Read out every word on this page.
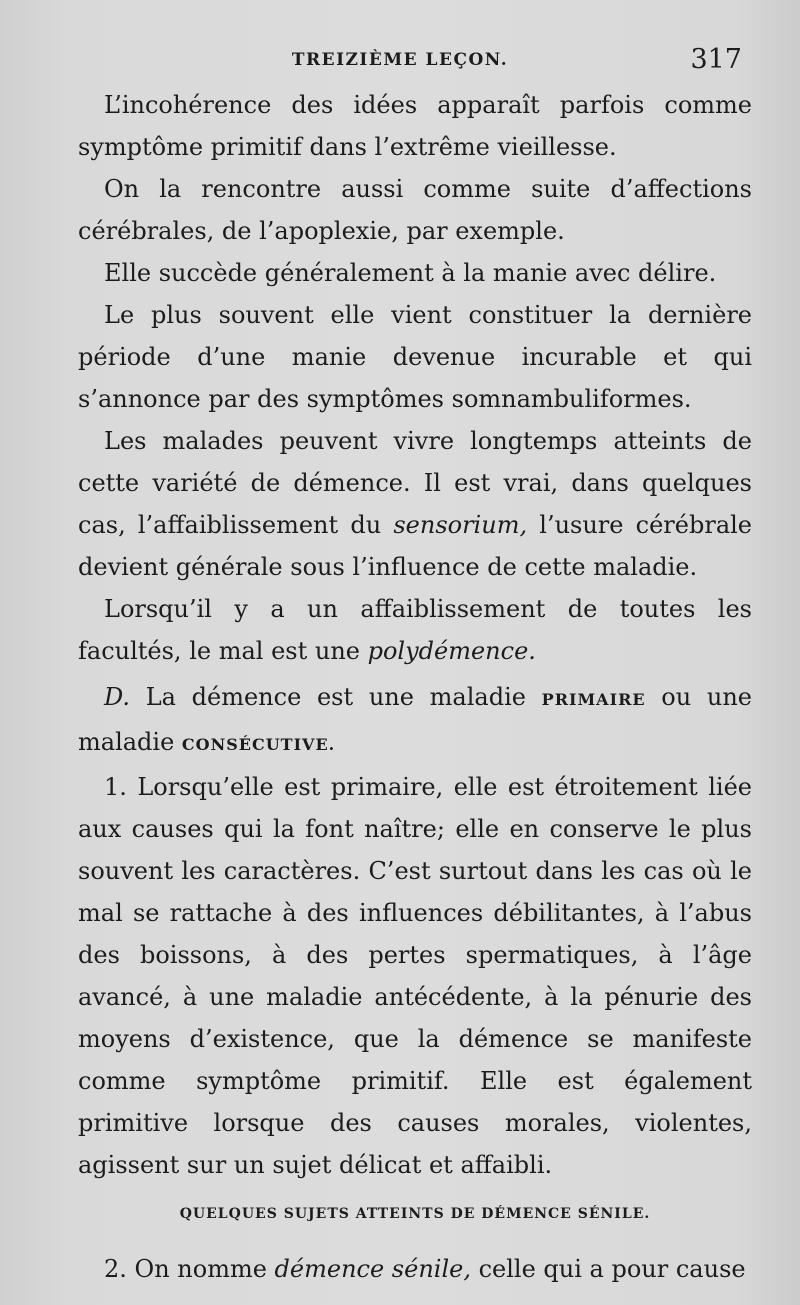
TREIZIÈME LEÇON.	317

L’incohérence des idées apparaît parfois comme symptôme primitif dans l’extrême vieillesse.

On la rencontre aussi comme suite d’affections cérébrales, de l’apoplexie, par exemple.

Elle succède généralement à la manie avec délire.

Le plus souvent elle vient constituer la dernière période d’une manie devenue incurable et qui s’annonce par des symptômes somnambuliformes.

Les malades peuvent vivre longtemps atteints de cette variété de démence. Il est vrai, dans quelques cas, l’affaiblissement du sensorium, l’usure cérébrale devient générale sous l’influence de cette maladie.

Lorsqu’il y a un affaiblissement de toutes les facultés, le mal est une polydémence.

D. La démence est une maladie PRIMAIRE ou une maladie CONSÉCUTIVE.

1. Lorsqu’elle est primaire, elle est étroitement liée aux causes qui la font naître; elle en conserve le plus souvent les caractères. C’est surtout dans les cas où le mal se rattache à des influences débilitantes, à l’abus des boissons, à des pertes spermatiques, à l’âge avancé, à une maladie antécédente, à la pénurie des moyens d’existence, que la démence se manifeste comme symptôme primitif. Elle est également primitive lorsque des causes morales, violentes, agissent sur un sujet délicat et affaibli.

QUELQUES SUJETS ATTEINTS DE DÉMENCE SÉNILE.

2. On nomme démence sénile, celle qui a pour cause
